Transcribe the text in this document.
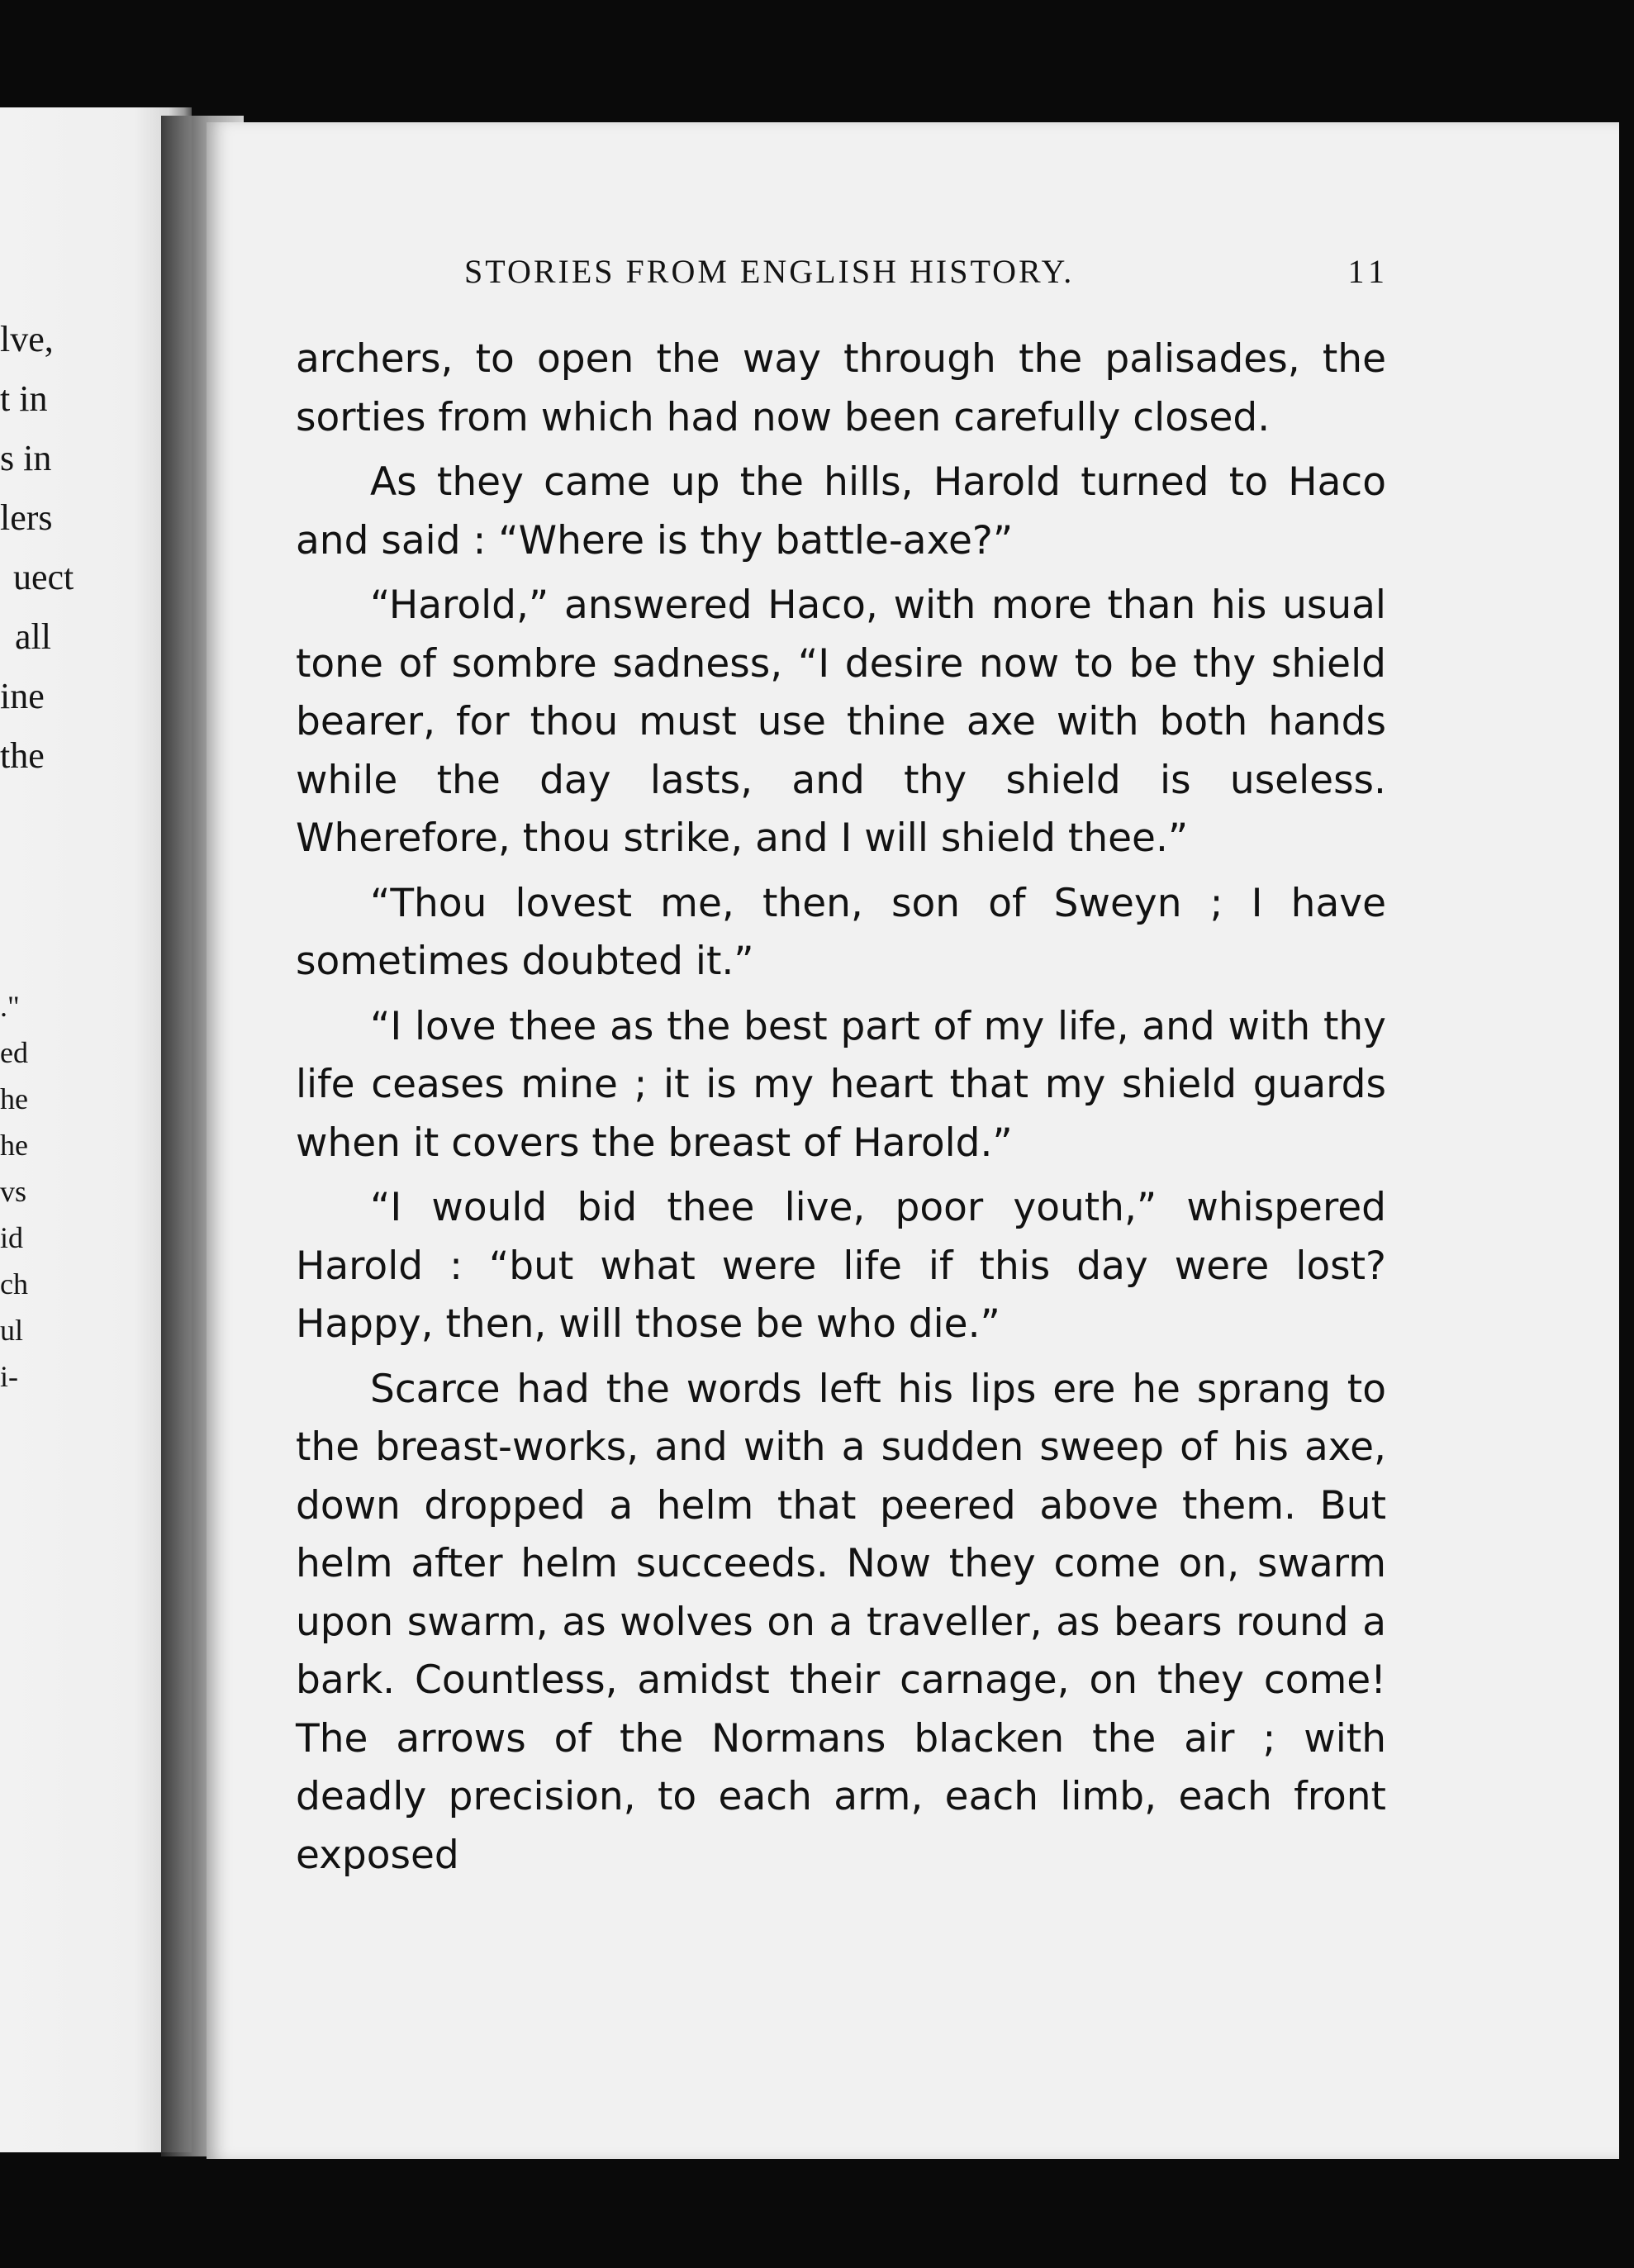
lve,
t in
s in
lers
uect
all
ine
the
."
ed
he
he
vs
id
ch
ul
i-
STORIES FROM ENGLISH HISTORY.	11

archers, to open the way through the palisades, the sorties from which had now been carefully closed.

As they came up the hills, Harold turned to Haco and said : “Where is thy battle-axe?”

“Harold,” answered Haco, with more than his usual tone of sombre sadness, “I desire now to be thy shield bearer, for thou must use thine axe with both hands while the day lasts, and thy shield is useless. Wherefore, thou strike, and I will shield thee.”

“Thou lovest me, then, son of Sweyn ; I have sometimes doubted it.”

“I love thee as the best part of my life, and with thy life ceases mine ; it is my heart that my shield guards when it covers the breast of Harold.”

“I would bid thee live, poor youth,” whispered Harold : “but what were life if this day were lost? Happy, then, will those be who die.”

Scarce had the words left his lips ere he sprang to the breast-works, and with a sudden sweep of his axe, down dropped a helm that peered above them. But helm after helm succeeds. Now they come on, swarm upon swarm, as wolves on a traveller, as bears round a bark. Countless, amidst their carnage, on they come! The arrows of the Normans blacken the air ; with deadly precision, to each arm, each limb, each front exposed
